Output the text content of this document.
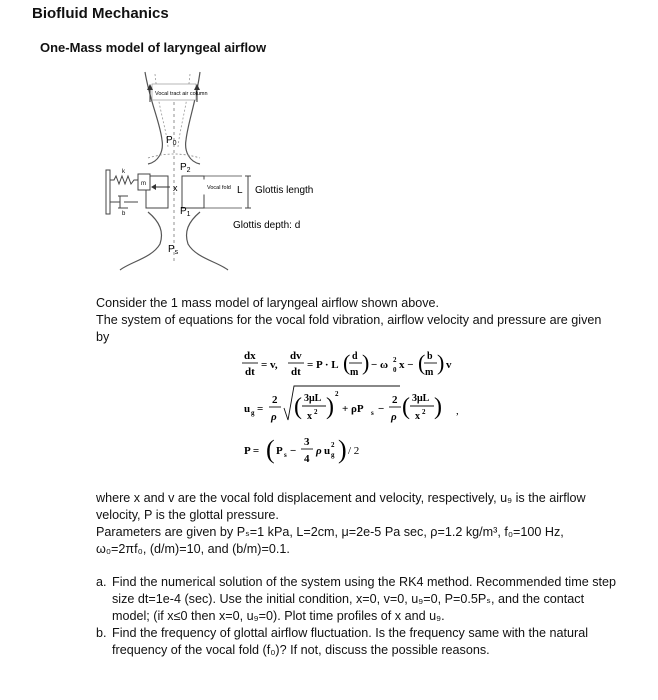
Biofluid Mechanics
One-Mass model of laryngeal airflow
Vocal tract air column
$P_0$
$P_2$
$P_1$
$P_s$
k
m
b
x	Vocal fold L Glottis length
Glottis depth: d
Consider the 1 mass model of laryngeal airflow shown above.
The system of equations for the vocal fold vibration, airflow velocity and pressure are given by
dx
dt
= v,
dv
dt
= P · L ( d
m ) − ω 0
2 x − ( b
m ) v
u g =
2
ρ ( 3μL
x 2 ) 2
+ ρP s −
2
ρ ( 3μL
x 2 ) ,
P = ( P s −
3
4
ρ u g
2 ) / 2
where x and v are the vocal fold displacement and velocity, respectively, u₉ is the airflow velocity, P is the glottal pressure.
Parameters are given by Pₛ=1 kPa, L=2cm, μ=2e-5 Pa sec, ρ=1.2 kg/m³, f₀=100 Hz, ω₀=2πf₀, (d/m)=10, and (b/m)=0.1.
a. Find the numerical solution of the system using the RK4 method. Recommended time step size dt=1e-4 (sec). Use the initial condition, x=0, v=0, u₉=0, P=0.5Pₛ, and the contact model; (if x≤0 then x=0, u₉=0). Plot time profiles of x and u₉.
b. Find the frequency of glottal airflow fluctuation. Is the frequency same with the natural frequency of the vocal fold (f₀)? If not, discuss the possible reasons.
